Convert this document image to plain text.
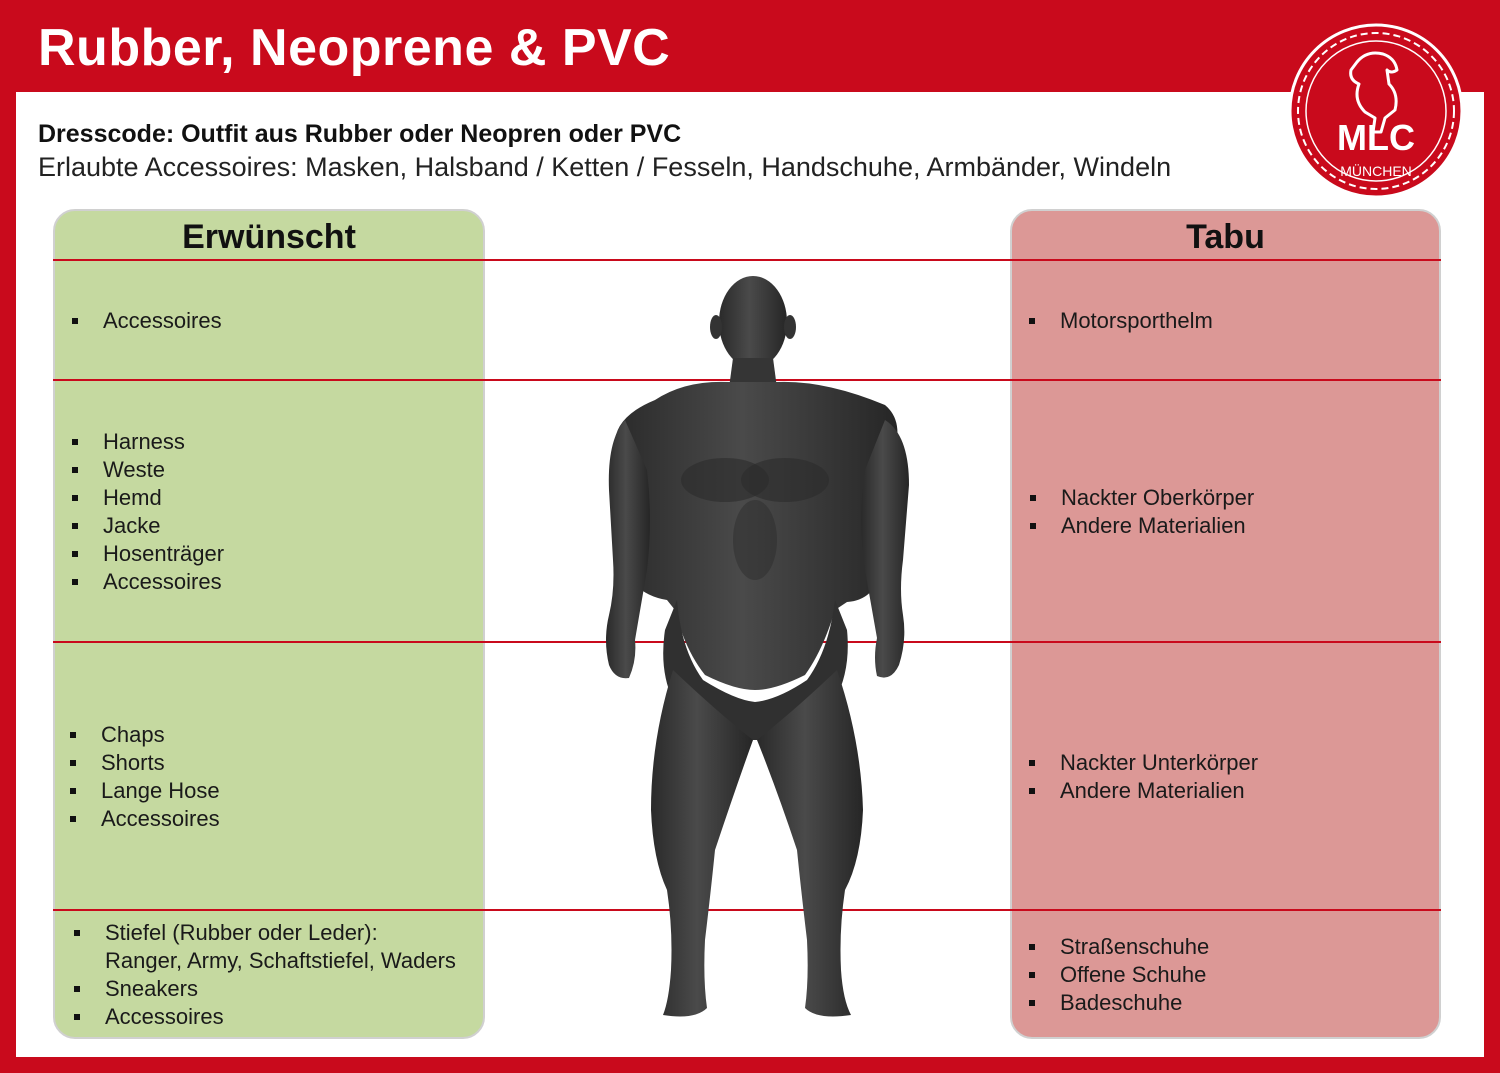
Rubber, Neoprene & PVC
MLC
MÜNCHEN
Dresscode: Outfit aus Rubber oder Neopren oder PVC
Erlaubte Accessoires: Masken, Halsband / Ketten / Fesseln, Handschuhe, Armbänder, Windeln
Erwünscht	Tabu
Accessoires
Harness
Weste
Hemd
Jacke
Hosenträger
Accessoires
Chaps
Shorts
Lange Hose
Accessoires
Stiefel (Rubber oder Leder):
Ranger, Army, Schaftstiefel, Waders
Sneakers
Accessoires
Motorsporthelm
Nackter Oberkörper
Andere Materialien
Nackter Unterkörper
Andere Materialien
Straßenschuhe
Offene Schuhe
Badeschuhe
